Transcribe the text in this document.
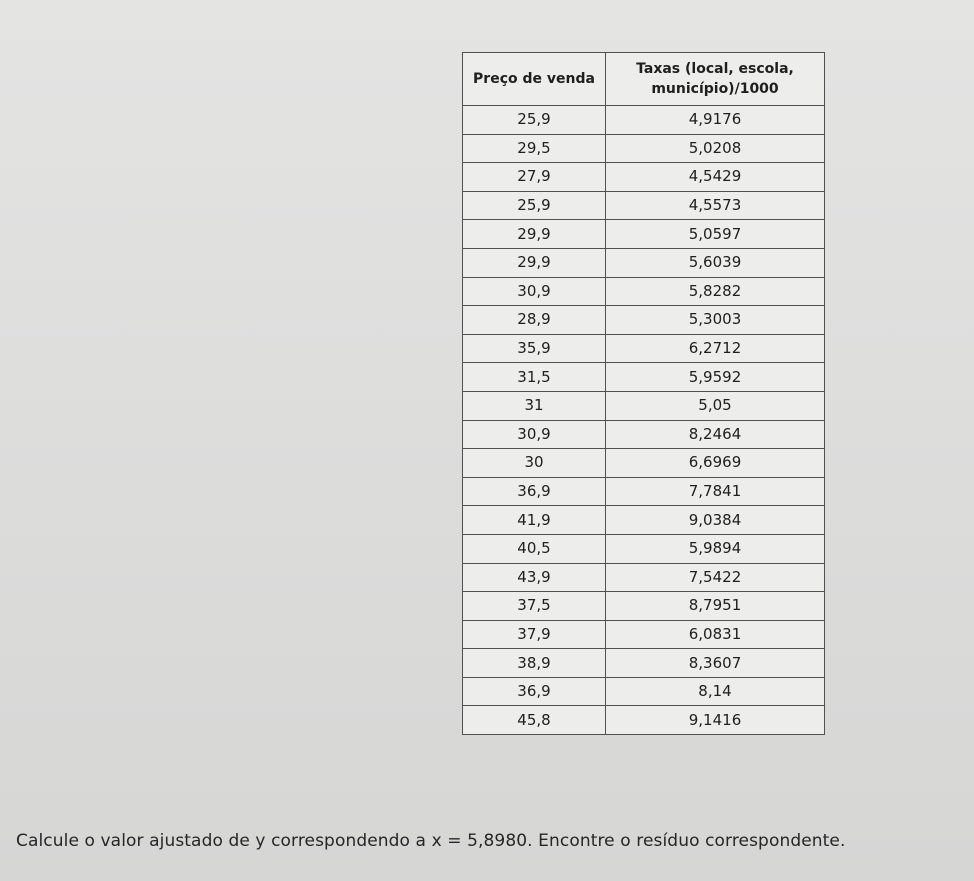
Preço de venda	Taxas (local, escola, município)/1000
25,9	4,9176
29,5	5,0208
27,9	4,5429
25,9	4,5573
29,9	5,0597
29,9	5,6039
30,9	5,8282
28,9	5,3003
35,9	6,2712
31,5	5,9592
31	5,05
30,9	8,2464
30	6,6969
36,9	7,7841
41,9	9,0384
40,5	5,9894
43,9	7,5422
37,5	8,7951
37,9	6,0831
38,9	8,3607
36,9	8,14
45,8	9,1416
Calcule o valor ajustado de y correspondendo a x = 5,8980. Encontre o resíduo correspondente.
